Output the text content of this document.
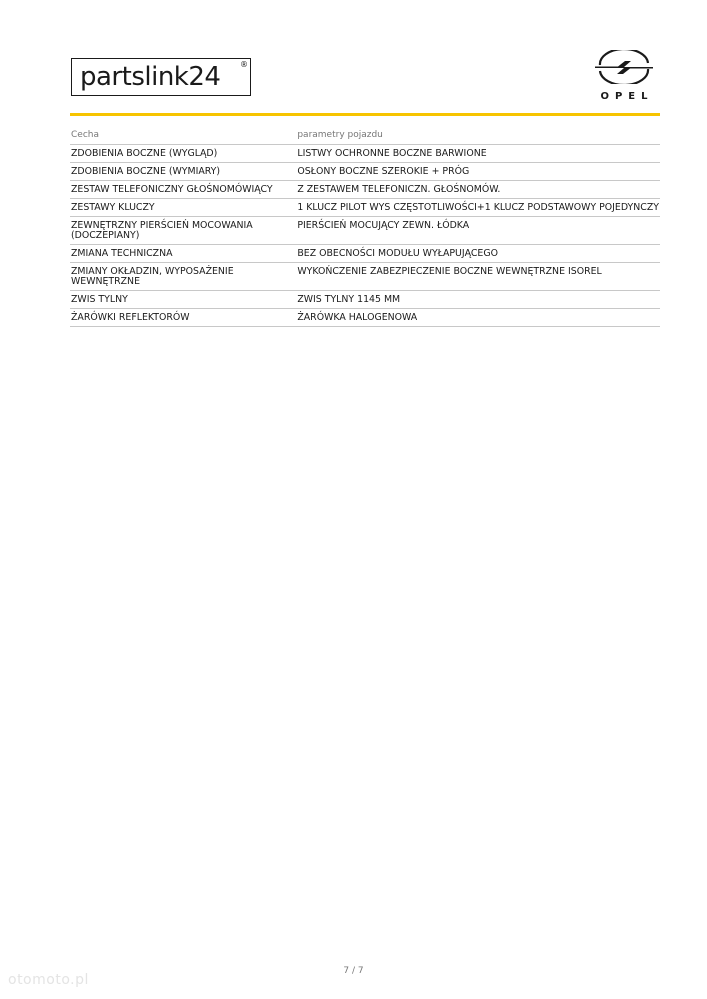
partslink24 ®
OPEL
Cecha	parametry pojazdu
ZDOBIENIA BOCZNE (WYGLĄD)	LISTWY OCHRONNE BOCZNE BARWIONE
ZDOBIENIA BOCZNE (WYMIARY)	OSŁONY BOCZNE SZEROKIE + PRÓG
ZESTAW TELEFONICZNY GŁOŚNOMÓWIĄCY	Z ZESTAWEM TELEFONICZN. GŁOŚNOMÓW.
ZESTAWY KLUCZY	1 KLUCZ PILOT WYS CZĘSTOTLIWOŚCI+1 KLUCZ PODSTAWOWY POJEDYNCZY
ZEWNĘTRZNY PIERŚCIEŃ MOCOWANIA (DOCZEPIANY)	PIERŚCIEŃ MOCUJĄCY ZEWN. ŁÓDKA
ZMIANA TECHNICZNA	BEZ OBECNOŚCI MODUŁU WYŁAPUJĄCEGO
ZMIANY OKŁADZIN, WYPOSAŻENIE WEWNĘTRZNE	WYKOŃCZENIE ZABEZPIECZENIE BOCZNE WEWNĘTRZNE ISOREL
ZWIS TYLNY	ZWIS TYLNY 1145 MM
ŻARÓWKI REFLEKTORÓW	ŻARÓWKA HALOGENOWA
7 / 7
otomoto.pl
